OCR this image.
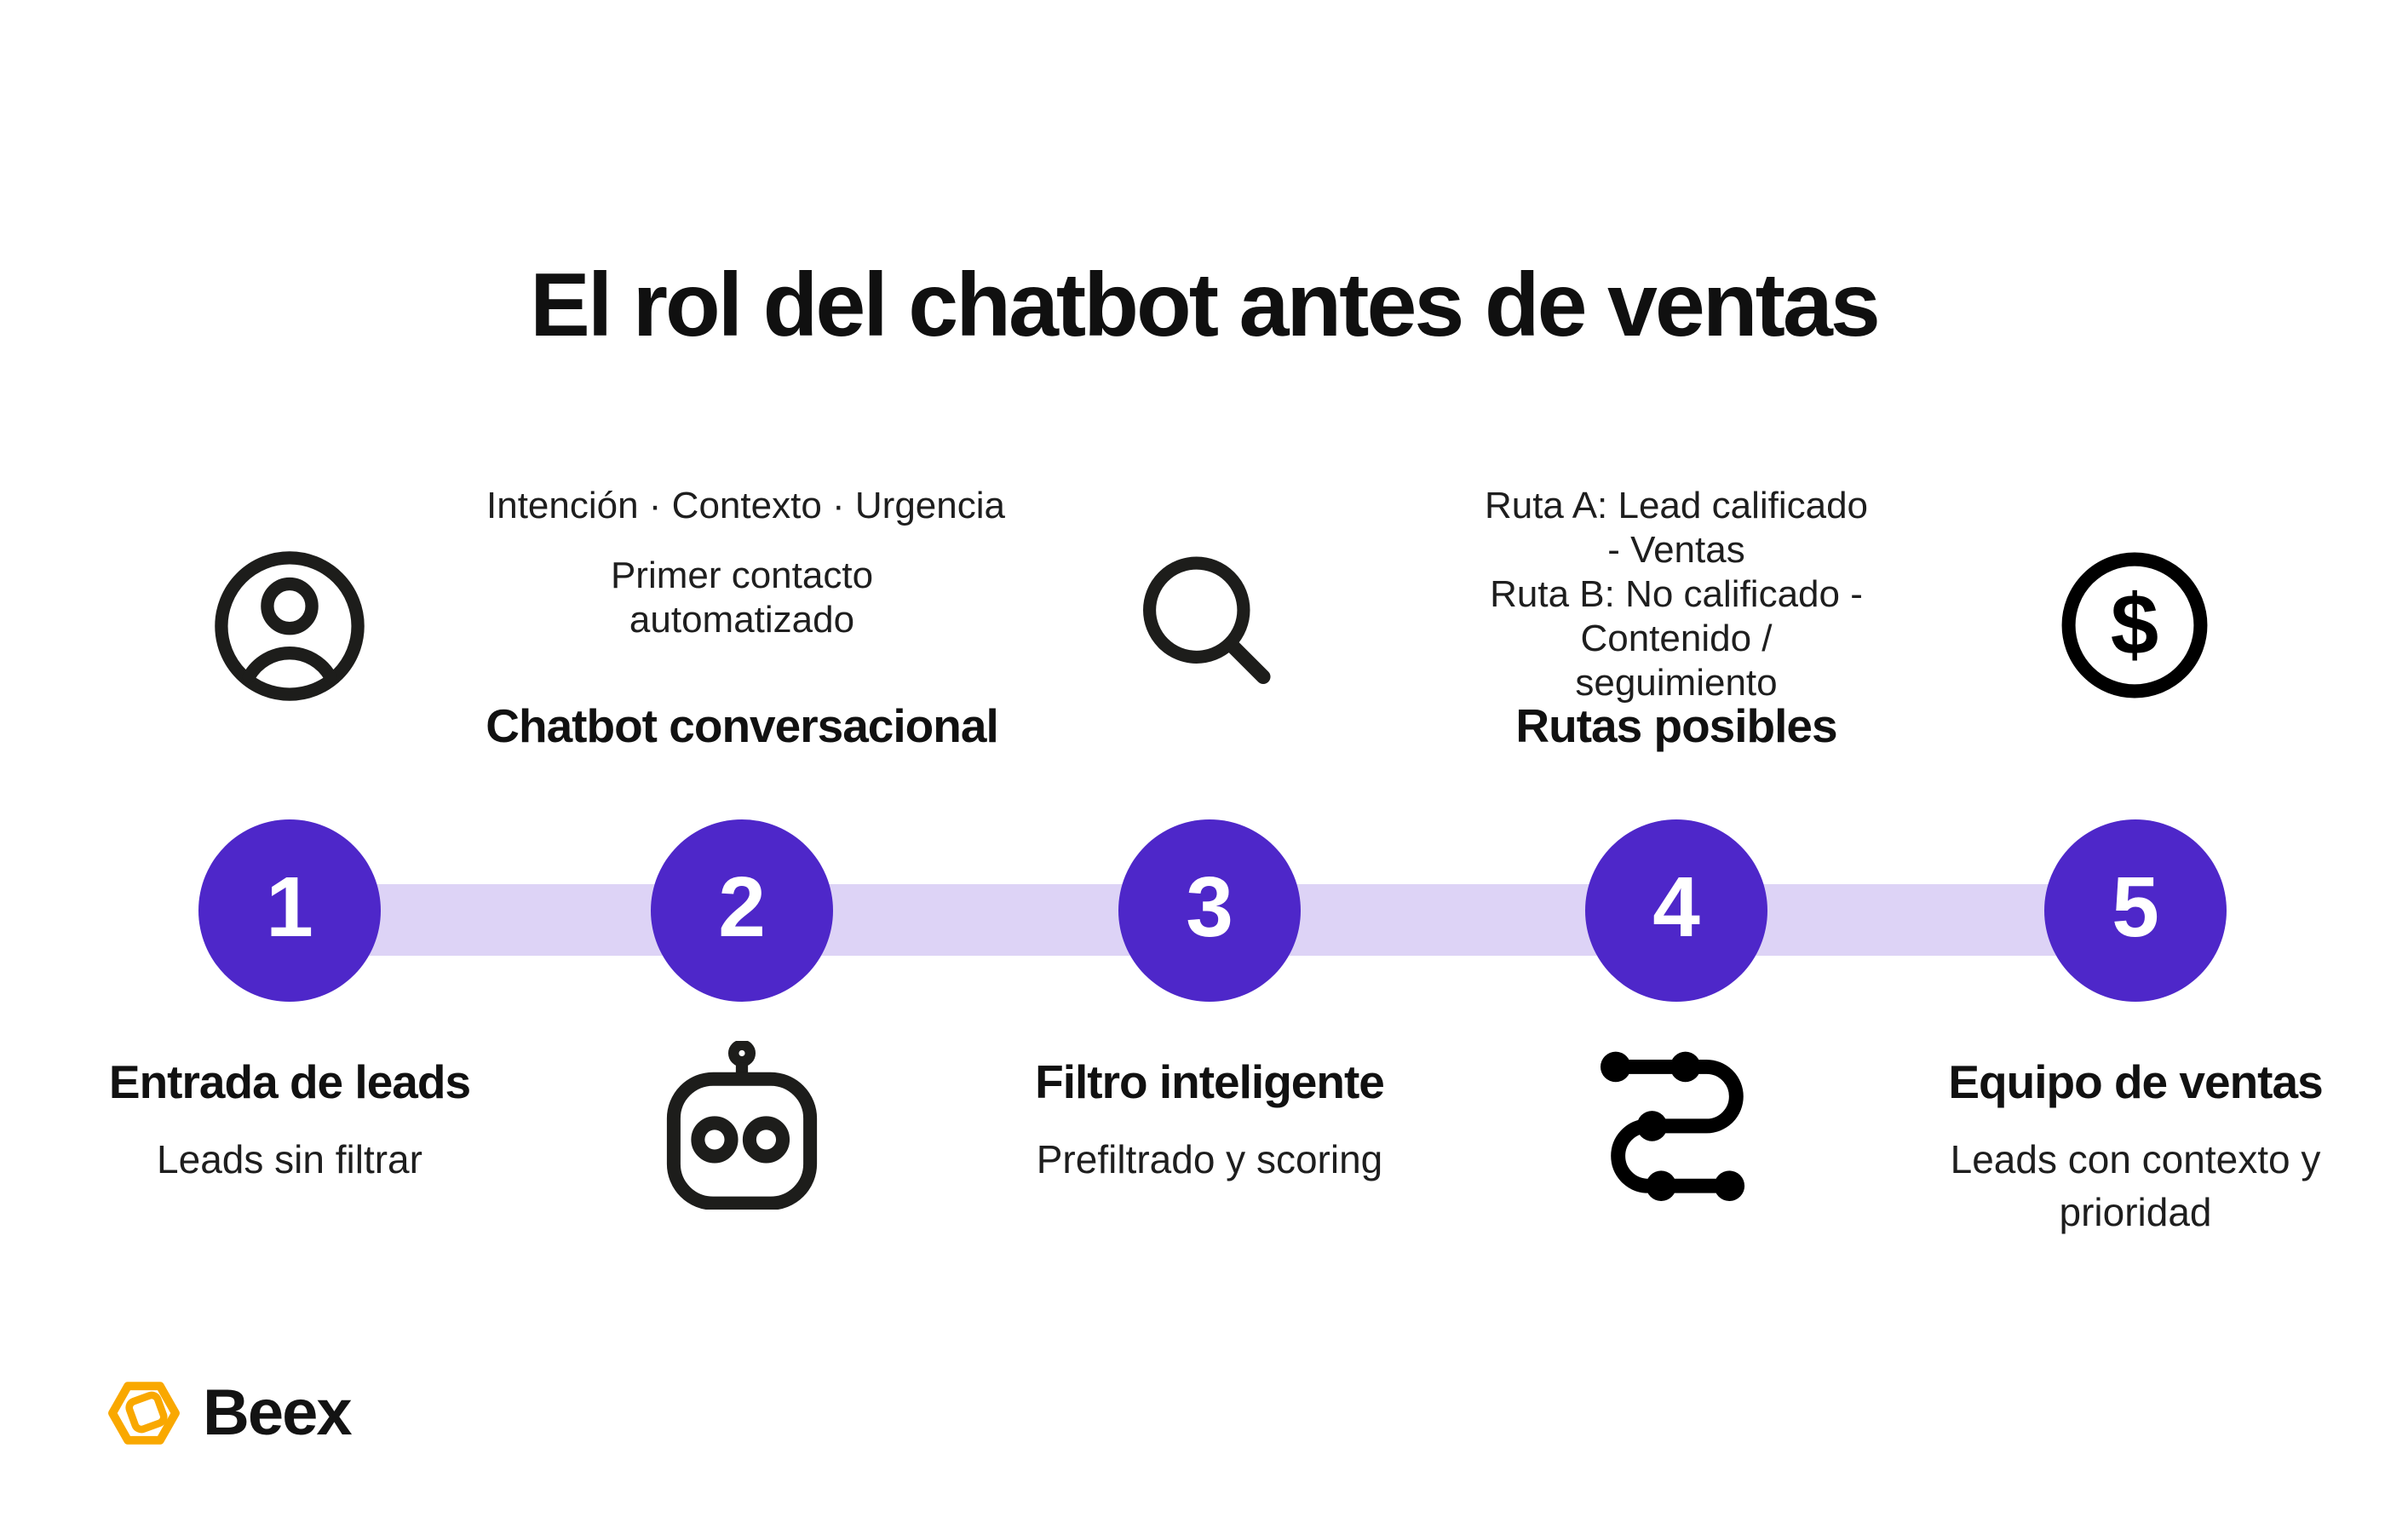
El rol del chatbot antes de ventas
1
Entrada de leads
Leads sin filtrar
Intención · Contexto · Urgencia
Primer contacto automatizado
Chatbot conversacional
2	3
Filtro inteligente
Prefiltrado y scoring

Ruta A: Lead calificado - Ventas

Ruta B: No calificado - Contenido / seguimiento

Rutas posibles
4
$
5
Equipo de ventas
Leads con contexto y prioridad
Beex
